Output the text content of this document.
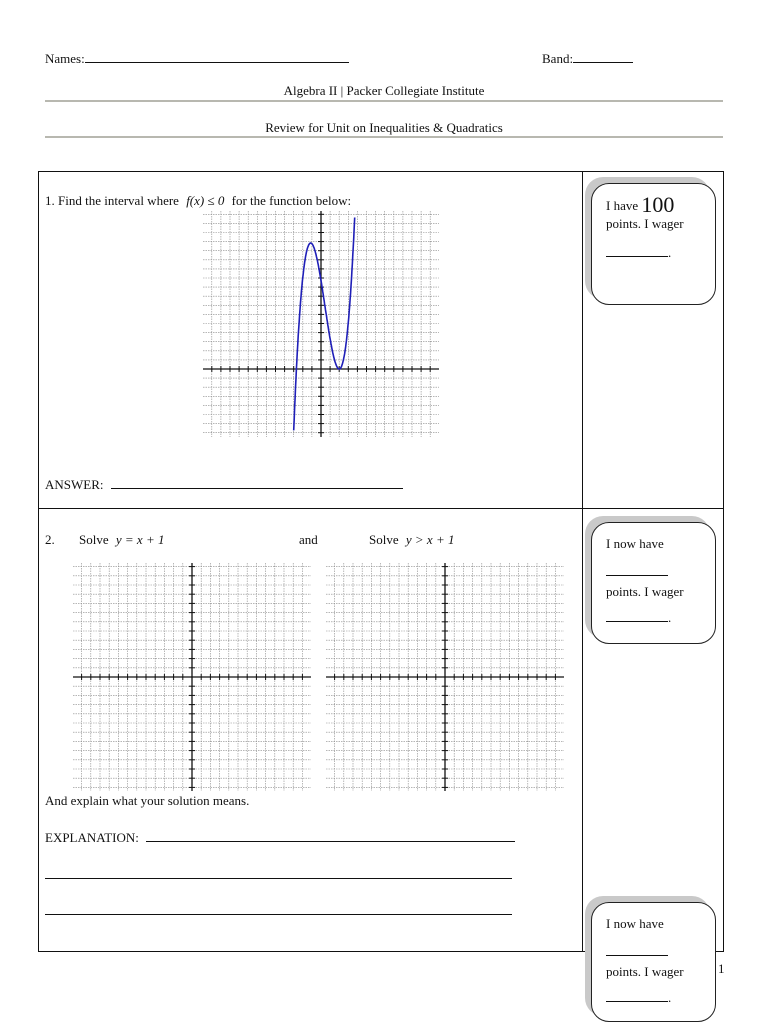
Names:	Band:
Algebra II | Packer Collegiate Institute
Review for Unit on Inequalities & Quadratics
1. Find the interval where f(x) ≤ 0 for the function below:
ANSWER:
2. Solve y = x + 1	and	Solve y > x + 1
And explain what your solution means.
EXPLANATION:
I have 100
points. I wager
.
I now have
points. I wager
.
I now have
points. I wager
.
1
